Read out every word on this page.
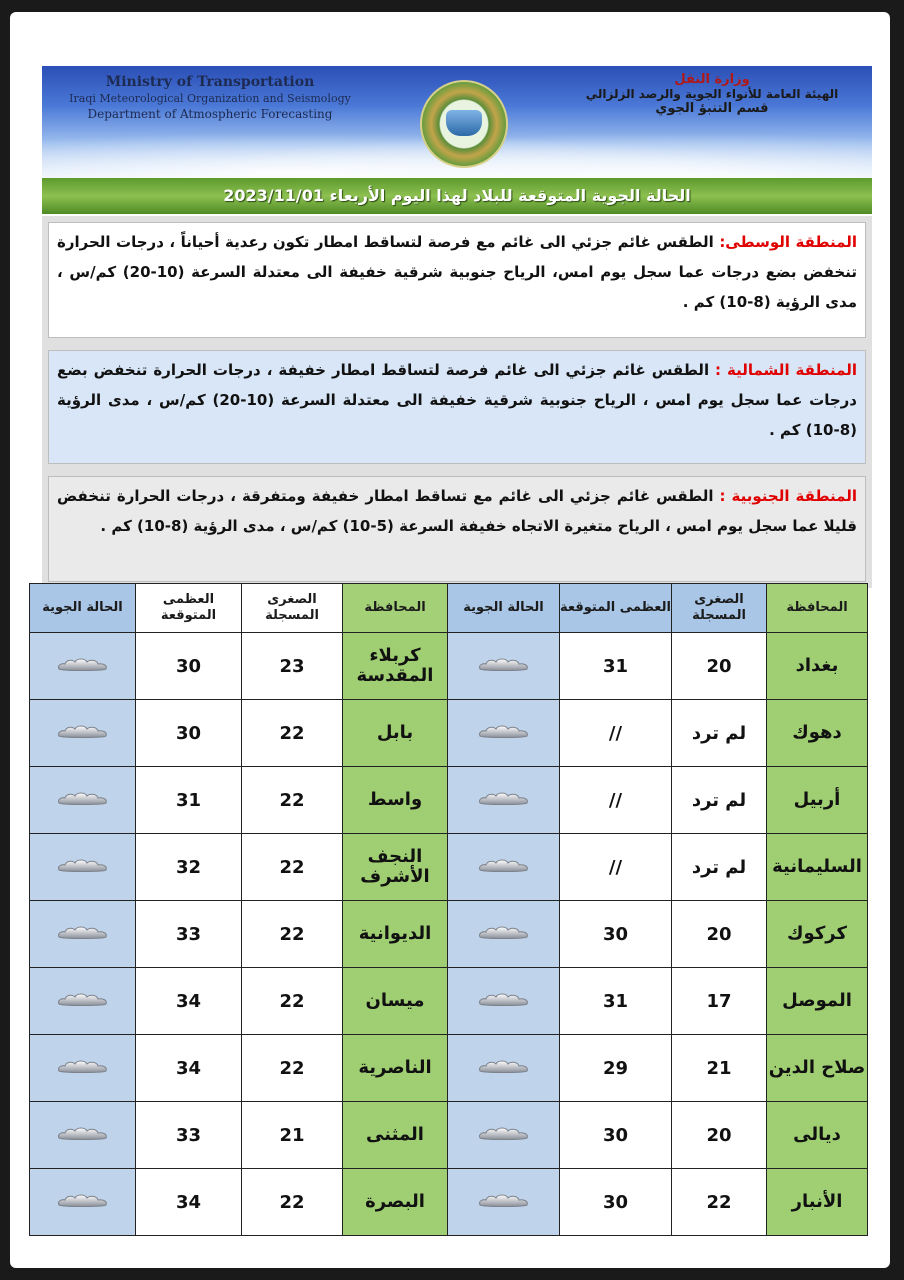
Ministry of Transportation
Iraqi Meteorological Organization and Seismology
Department of Atmospheric Forecasting
وزارة النقل
الهيئة العامة للأنواء الجوية والرصد الزلزالي
قسم التنبؤ الجوي
الحالة الجوية المتوقعة للبلاد لهذا اليوم الأربعاء 2023/11/01
المنطقة الوسطى: الطقس غائم جزئي الى غائم مع فرصة لتساقط امطار تكون رعدية أحياناً ، درجات الحرارة تنخفض بضع درجات عما سجل يوم امس، الرياح جنوبية شرقية خفيفة الى معتدلة السرعة (10-20) كم/س ، مدى الرؤية (8-10) كم .
المنطقة الشمالية : الطقس غائم جزئي الى غائم فرصة لتساقط امطار خفيفة ، درجات الحرارة تنخفض بضع درجات عما سجل يوم امس ، الرياح جنوبية شرقية خفيفة الى معتدلة السرعة (10-20) كم/س ، مدى الرؤية (8-10) كم .
المنطقة الجنوبية : الطقس غائم جزئي الى غائم مع تساقط امطار خفيفة ومتفرقة ، درجات الحرارة تنخفض قليلا عما سجل يوم امس ، الرياح متغيرة الاتجاه خفيفة السرعة (5-10) كم/س ، مدى الرؤية (8-10) كم .
الحالة الجوية	العظمى المتوقعة	الصغرى المسجلة	المحافظة	الحالة الجوية	العظمى المتوقعة	الصغرى المسجلة	المحافظة

	30	23	كربلاء المقدسة		31	20	بغداد

	30	22	بابل		//	لم ترد	دهوك

	31	22	واسط		//	لم ترد	أربيل

	32	22	النجف الأشرف		//	لم ترد	السليمانية

	33	22	الديوانية		30	20	كركوك

	34	22	ميسان		31	17	الموصل

	34	22	الناصرية		29	21	صلاح الدين

	33	21	المثنى		30	20	ديالى

	34	22	البصرة		30	22	الأنبار
